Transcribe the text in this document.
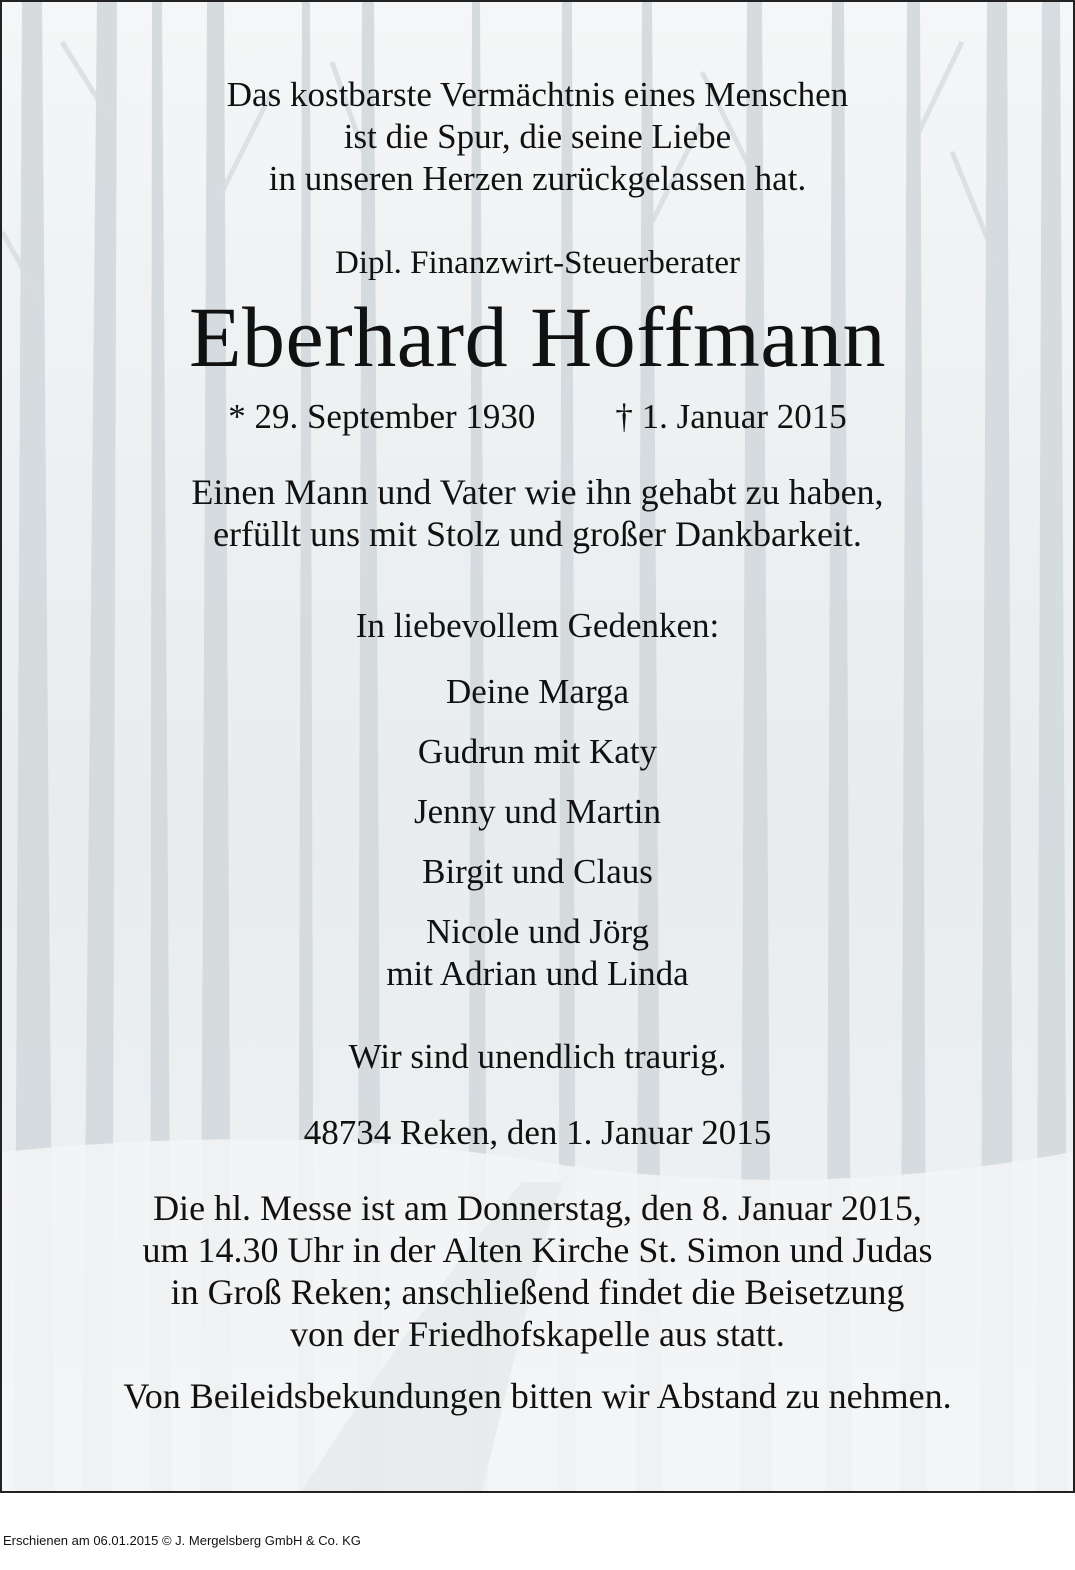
Das kostbarste Vermächtnis eines Menschen
ist die Spur, die seine Liebe
in unseren Herzen zurückgelassen hat.
Dipl. Finanzwirt-Steuerberater
Eberhard Hoffmann
* 29. September 1930 † 1. Januar 2015
Einen Mann und Vater wie ihn gehabt zu haben,
erfüllt uns mit Stolz und großer Dankbarkeit.
In liebevollem Gedenken:
Deine Marga
Gudrun mit Katy
Jenny und Martin
Birgit und Claus
Nicole und Jörg
mit Adrian und Linda
Wir sind unendlich traurig.
48734 Reken, den 1. Januar 2015
Die hl. Messe ist am Donnerstag, den 8. Januar 2015,
um 14.30 Uhr in der Alten Kirche St. Simon und Judas
in Groß Reken; anschließend findet die Beisetzung
von der Friedhofskapelle aus statt.
Von Beileidsbekundungen bitten wir Abstand zu nehmen.
Erschienen am 06.01.2015 © J. Mergelsberg GmbH & Co. KG
